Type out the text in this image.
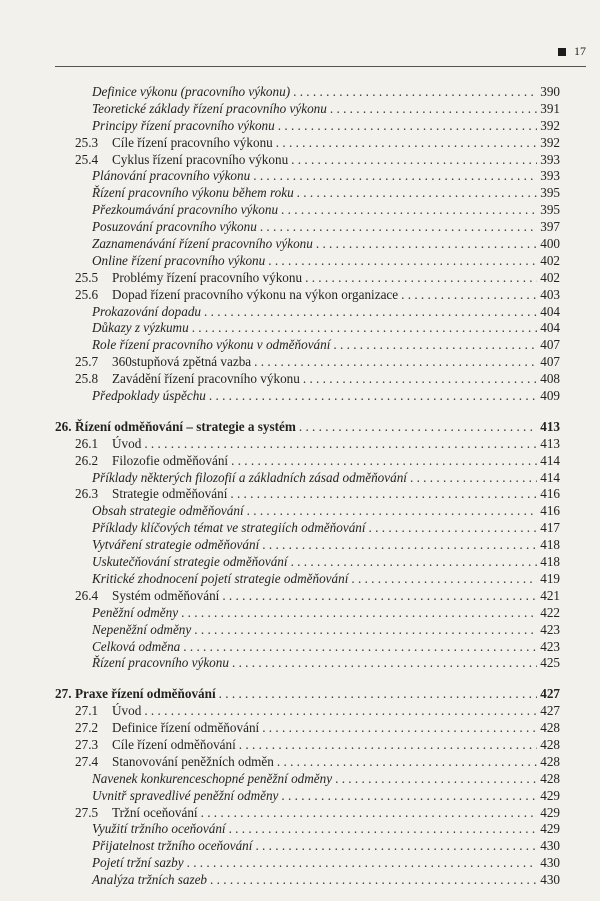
17
Definice výkonu (pracovního výkonu) . . .	390
Teoretické základy řízení pracovního výkonu . . .	391
Principy řízení pracovního výkonu . . .	392
25.3	Cíle řízení pracovního výkonu . . .	392
25.4	Cyklus řízení pracovního výkonu . . .	393
Plánování pracovního výkonu . . .	393
Řízení pracovního výkonu během roku . . .	395
Přezkoumávání pracovního výkonu . . .	395
Posuzování pracovního výkonu . . .	397
Zaznamenávání řízení pracovního výkonu . . .	400
Online řízení pracovního výkonu . . .	402
25.5	Problémy řízení pracovního výkonu . . .	402
25.6	Dopad řízení pracovního výkonu na výkon organizace . . .	403
Prokazování dopadu . . .	404
Důkazy z výzkumu . . .	404
Role řízení pracovního výkonu v odměňování . . .	407
25.7	360stupňová zpětná vazba . . .	407
25.8	Zavádění řízení pracovního výkonu . . .	408
Předpoklady úspěchu . . .	409
26. Řízení odměňování – strategie a systém . . .	413
26.1	Úvod . . .	413
26.2	Filozofie odměňování . . .	414
Příklady některých filozofií a základních zásad odměňování . . .	414
26.3	Strategie odměňování . . .	416
Obsah strategie odměňování . . .	416
Příklady klíčových témat ve strategiích odměňování . . .	417
Vytváření strategie odměňování . . .	418
Uskutečňování strategie odměňování . . .	418
Kritické zhodnocení pojetí strategie odměňování . . .	419
26.4	Systém odměňování . . .	421
Peněžní odměny . . .	422
Nepeněžní odměny . . .	423
Celková odměna . . .	423
Řízení pracovního výkonu . . .	425
27. Praxe řízení odměňování . . .	427
27.1	Úvod . . .	427
27.2	Definice řízení odměňování . . .	428
27.3	Cíle řízení odměňování . . .	428
27.4	Stanovování peněžních odměn . . .	428
Navenek konkurenceschopné peněžní odměny . . .	428
Uvnitř spravedlivé peněžní odměny . . .	429
27.5	Tržní oceňování . . .	429
Využití tržního oceňování . . .	429
Přijatelnost tržního oceňování . . .	430
Pojetí tržní sazby . . .	430
Analýza tržních sazeb . . .	430
